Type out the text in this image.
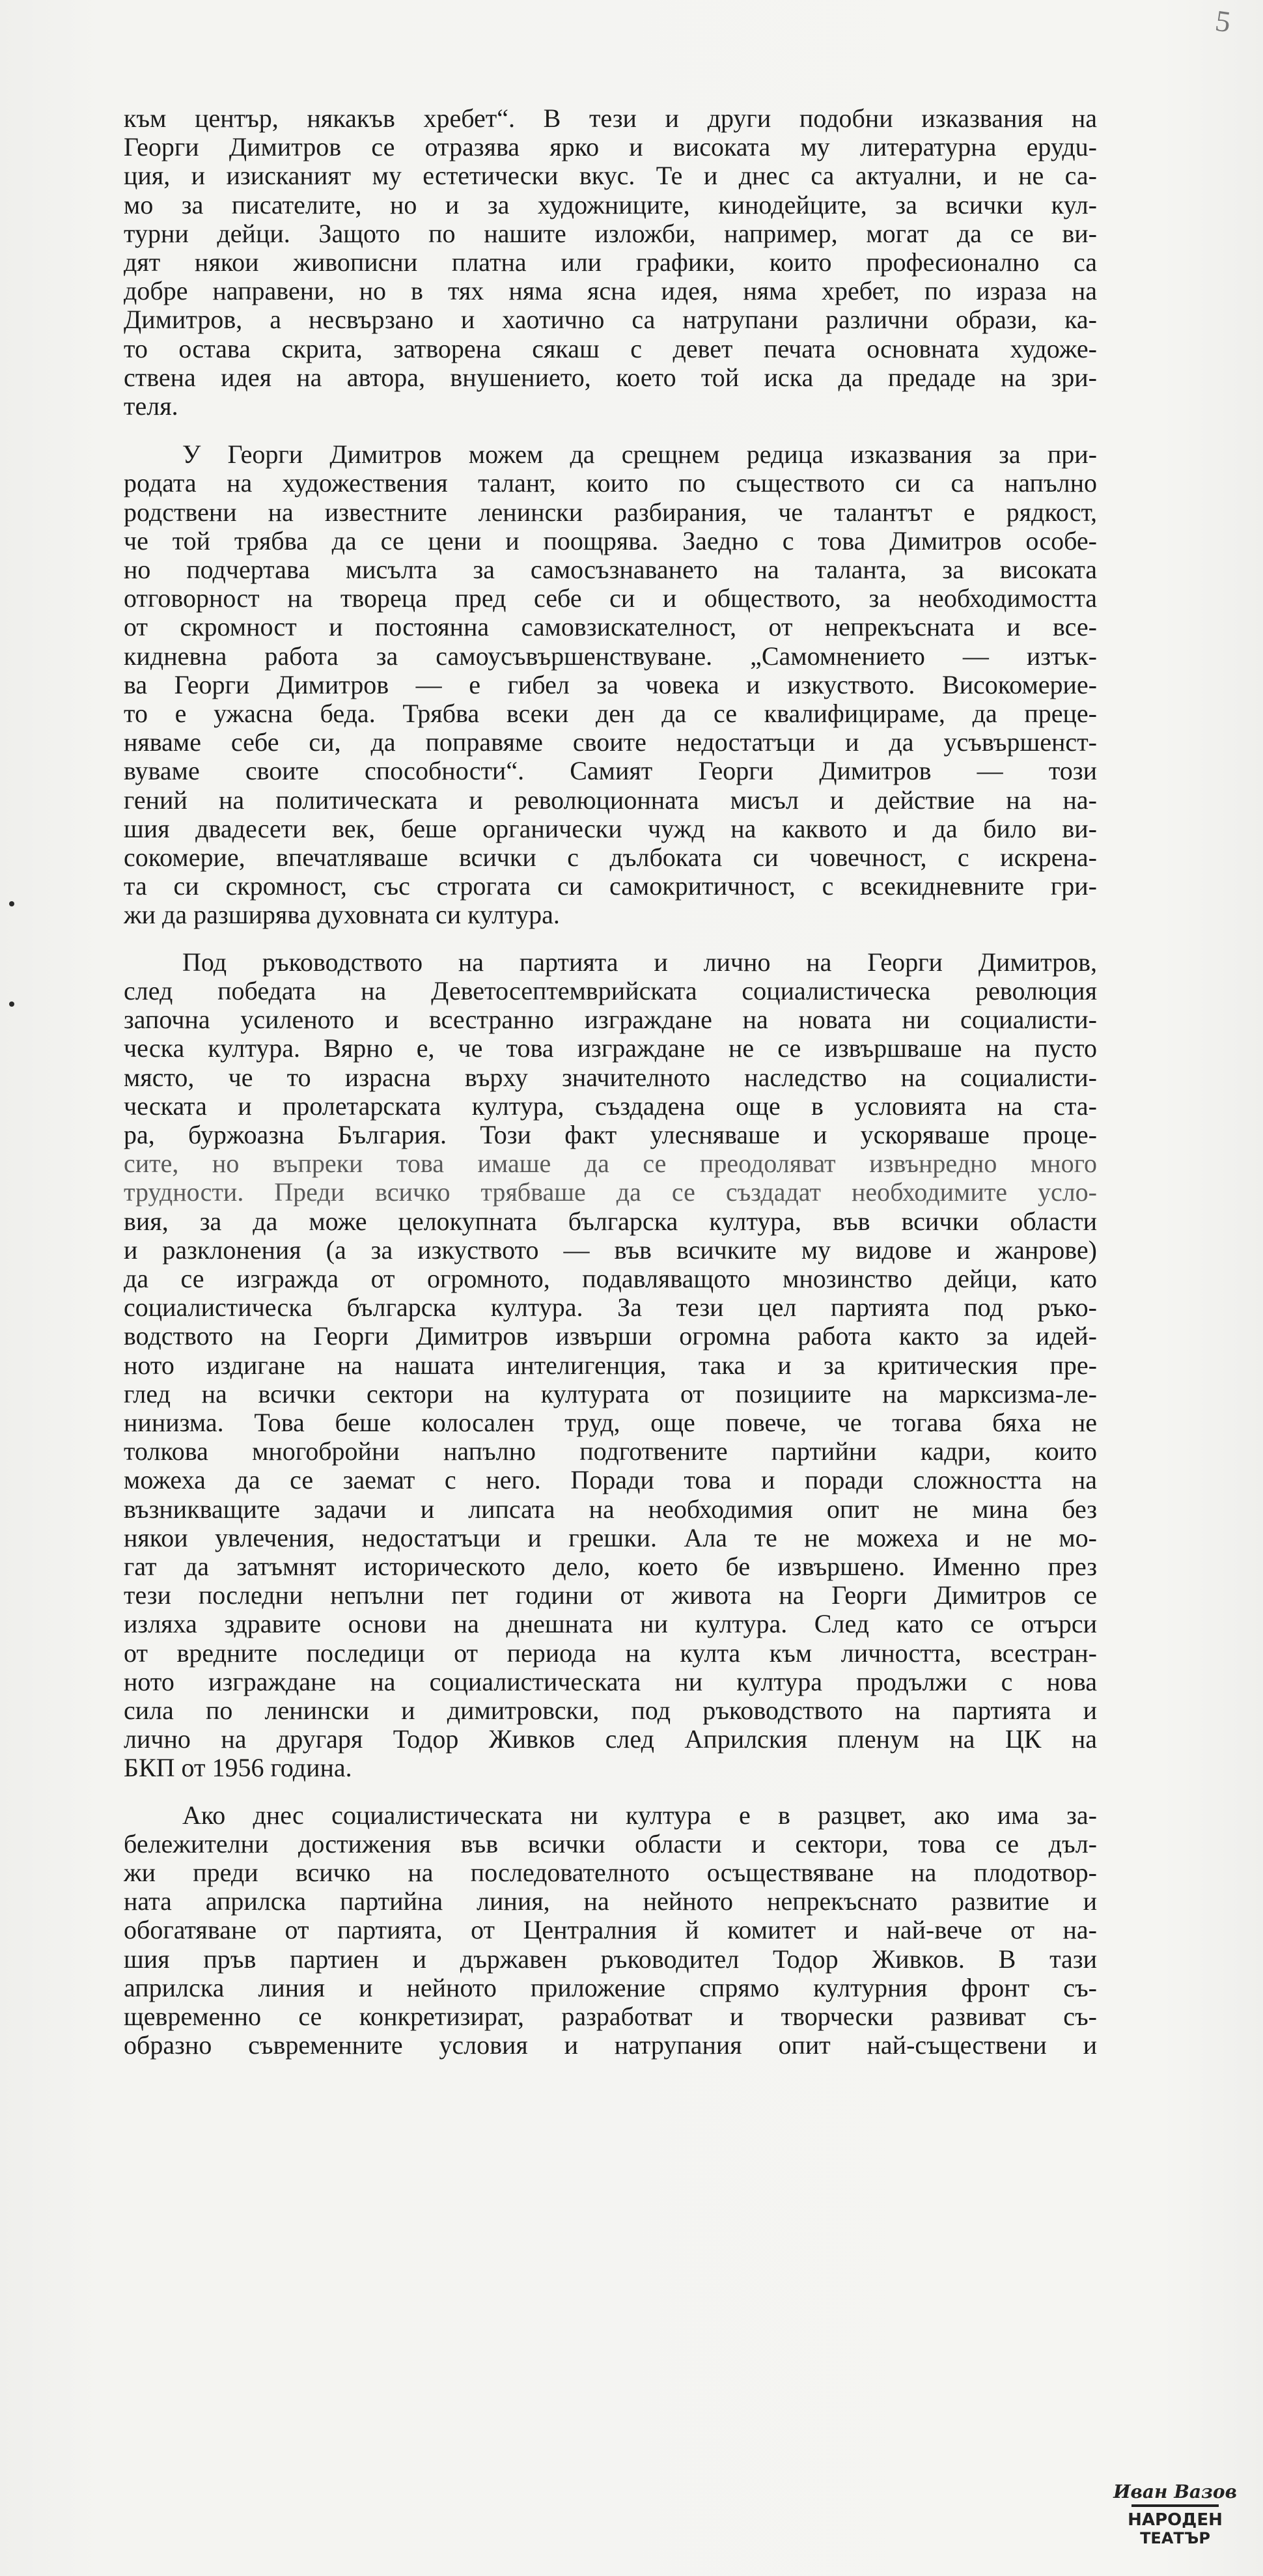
5
към център, някакъв хребет“. В тези и други подобни изказвания на
Георги Димитров се отразява ярко и високата му литературна ерудu-
ция, и изисканият му естетически вкус. Те и днес са актуални, и не са-
мо за писателите, но и за художниците, кинодейците, за всички кул-
турни дейци. Защото по нашите изложби, например, могат да се ви-
дят някои живописни платна или графики, които професионално са
добре направени, но в тях няма ясна идея, няма хребет, по израза на
Димитров, а несвързано и хаотично са натрупани различни образи, ка-
то остава скрита, затворена сякаш с девет печата основната художе-
ствена идея на автора, внушението, което той иска да предаде на зри-
теля.
У Георги Димитров можем да срещнем редица изказвания за при-
родата на художествения талант, които по съществото си са напълно
родствени на известните ленински разбирания, че талантът е рядкост,
че той трябва да се цени и поощрява. Заедно с това Димитров особе-
но подчертава мисълта за самосъзнаването на таланта, за високата
отговорност на твореца пред себе си и обществото, за необходимостта
от скромност и постоянна самовзискателност, от непрекъсната и все-
кидневна работа за самоусъвършенствуване. „Самомнението — изтък-
ва Георги Димитров — е гибел за човека и изкуството. Високомерие-
то е ужасна беда. Трябва всеки ден да се квалифицираме, да преце-
няваме себе си, да поправяме своите недостатъци и да усъвършенст-
вуваме своите способности“. Самият Георги Димитров — този
гений на политическата и революционната мисъл и действие на на-
шия двадесети век, беше органически чужд на каквото и да било ви-
сокомерие, впечатляваше всички с дълбоката си човечност, с искрена-
та си скромност, със строгата си самокритичност, с всекидневните гри-
жи да разширява духовната си култура.
Под ръководството на партията и лично на Георги Димитров,
след победата на Деветосептемврийската социалистическа революция
започна усиленото и всестранно изграждане на новата ни социалисти-
ческа култура. Вярно е, че това изграждане не се извършваше на пусто
място, че то израсна върху значителното наследство на социалисти-
ческата и пролетарската култура, създадена още в условията на ста-
ра, буржоазна България. Този факт улесняваше и ускоряваше проце-
сите, но въпреки това имаше да се преодоляват извънредно много
трудности. Преди всичко трябваше да се създадат необходимите усло-
вия, за да може целокупната българска култура, във всички области
и разклонения (а за изкуството — във всичките му видове и жанрове)
да се изгражда от огромното, подавляващото мнозинство дейци, като
социалистическа българска култура. За тези цел партията под ръко-
водството на Георги Димитров извърши огромна работа както за идей-
ното издигане на нашата интелигенция, така и за критическия пре-
глед на всички сектори на културата от позициите на марксизма-ле-
нинизма. Това беше колосален труд, още повече, че тогава бяха не
толкова многобройни напълно подготвените партийни кадри, които
можеха да се заемат с него. Поради това и поради сложността на
възникващите задачи и липсата на необходимия опит не мина без
някои увлечения, недостатъци и грешки. Ала те не можеха и не мо-
гат да затъмнят историческото дело, което бе извършено. Именно през
тези последни непълни пет години от живота на Георги Димитров се
изляха здравите основи на днешната ни култура. След като се отърси
от вредните последици от периода на култа към личността, всестран-
ното изграждане на социалистическата ни култура продължи с нова
сила по ленински и димитровски, под ръководството на партията и
лично на другаря Тодор Живков след Априлския пленум на ЦК на
БКП от 1956 година.
Ако днес социалистическата ни култура е в разцвет, ако има за-
бележителни достижения във всички области и сектори, това се дъл-
жи преди всичко на последователното осъществяване на плодотвор-
ната априлска партийна линия, на нейното непрекъснато развитие и
обогатяване от партията, от Централния й комитет и най-вече от на-
шия пръв партиен и държавен ръководител Тодор Живков. В тази
априлска линия и нейното приложение спрямо културния фронт съ-
щевременно се конкретизират, разработват и творчески развиват съ-
образно съвременните условия и натрупания опит най-съществени и
Иван Вазов
НАРОДЕН
ТЕАТЪР
